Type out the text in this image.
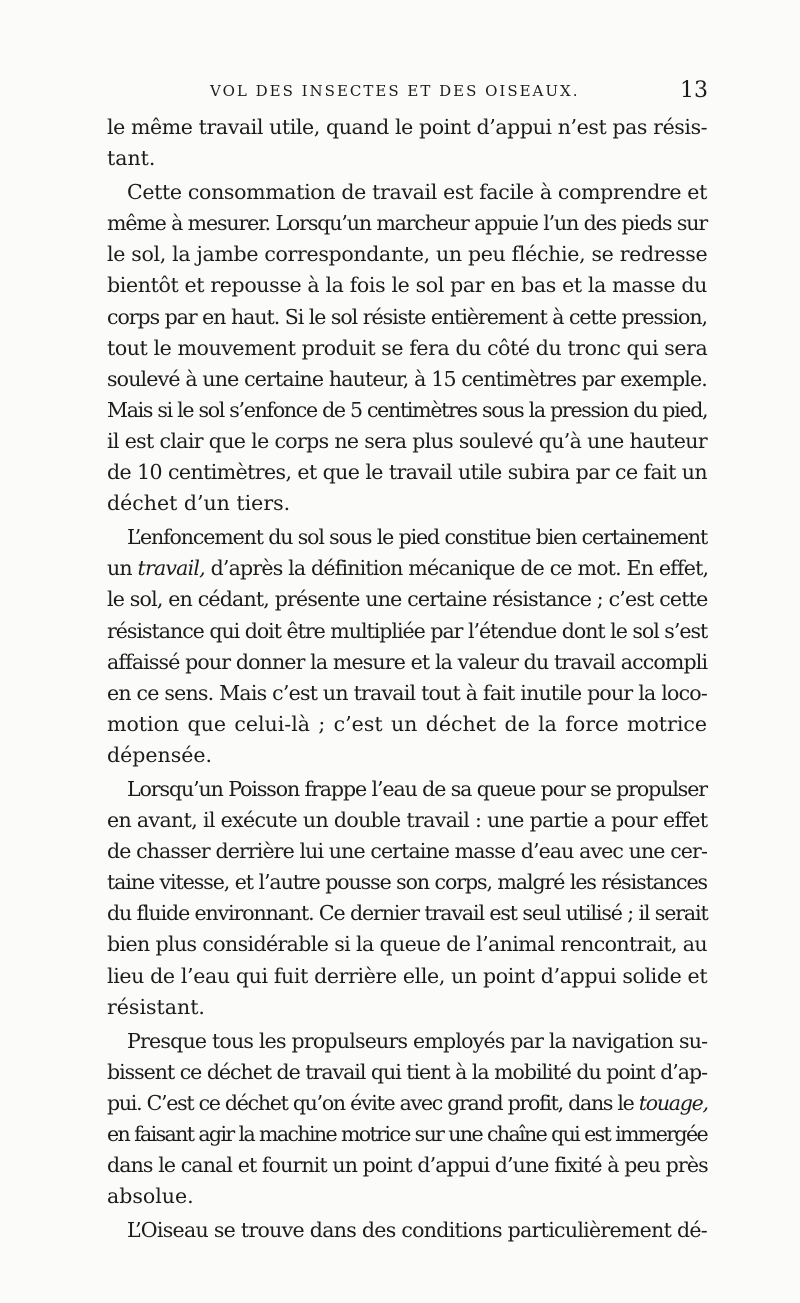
VOL DES INSECTES ET DES OISEAUX.	13
le même travail utile, quand le point d’appui n’est pas résis-
tant.
Cette consommation de travail est facile à comprendre et
même à mesurer. Lorsqu’un marcheur appuie l’un des pieds sur
le sol, la jambe correspondante, un peu fléchie, se redresse
bientôt et repousse à la fois le sol par en bas et la masse du
corps par en haut. Si le sol résiste entièrement à cette pression,
tout le mouvement produit se fera du côté du tronc qui sera
soulevé à une certaine hauteur, à 15 centimètres par exemple.
Mais si le sol s’enfonce de 5 centimètres sous la pression du pied,
il est clair que le corps ne sera plus soulevé qu’à une hauteur
de 10 centimètres, et que le travail utile subira par ce fait un
déchet d’un tiers.
L’enfoncement du sol sous le pied constitue bien certainement
un travail, d’après la définition mécanique de ce mot. En effet,
le sol, en cédant, présente une certaine résistance ; c’est cette
résistance qui doit être multipliée par l’étendue dont le sol s’est
affaissé pour donner la mesure et la valeur du travail accompli
en ce sens. Mais c’est un travail tout à fait inutile pour la loco-
motion que celui-là ; c’est un déchet de la force motrice
dépensée.
Lorsqu’un Poisson frappe l’eau de sa queue pour se propulser
en avant, il exécute un double travail : une partie a pour effet
de chasser derrière lui une certaine masse d’eau avec une cer-
taine vitesse, et l’autre pousse son corps, malgré les résistances
du fluide environnant. Ce dernier travail est seul utilisé ; il serait
bien plus considérable si la queue de l’animal rencontrait, au
lieu de l’eau qui fuit derrière elle, un point d’appui solide et
résistant.
Presque tous les propulseurs employés par la navigation su-
bissent ce déchet de travail qui tient à la mobilité du point d’ap-
pui. C’est ce déchet qu’on évite avec grand profit, dans le touage,
en faisant agir la machine motrice sur une chaîne qui est immergée
dans le canal et fournit un point d’appui d’une fixité à peu près
absolue.
L’Oiseau se trouve dans des conditions particulièrement dé-
